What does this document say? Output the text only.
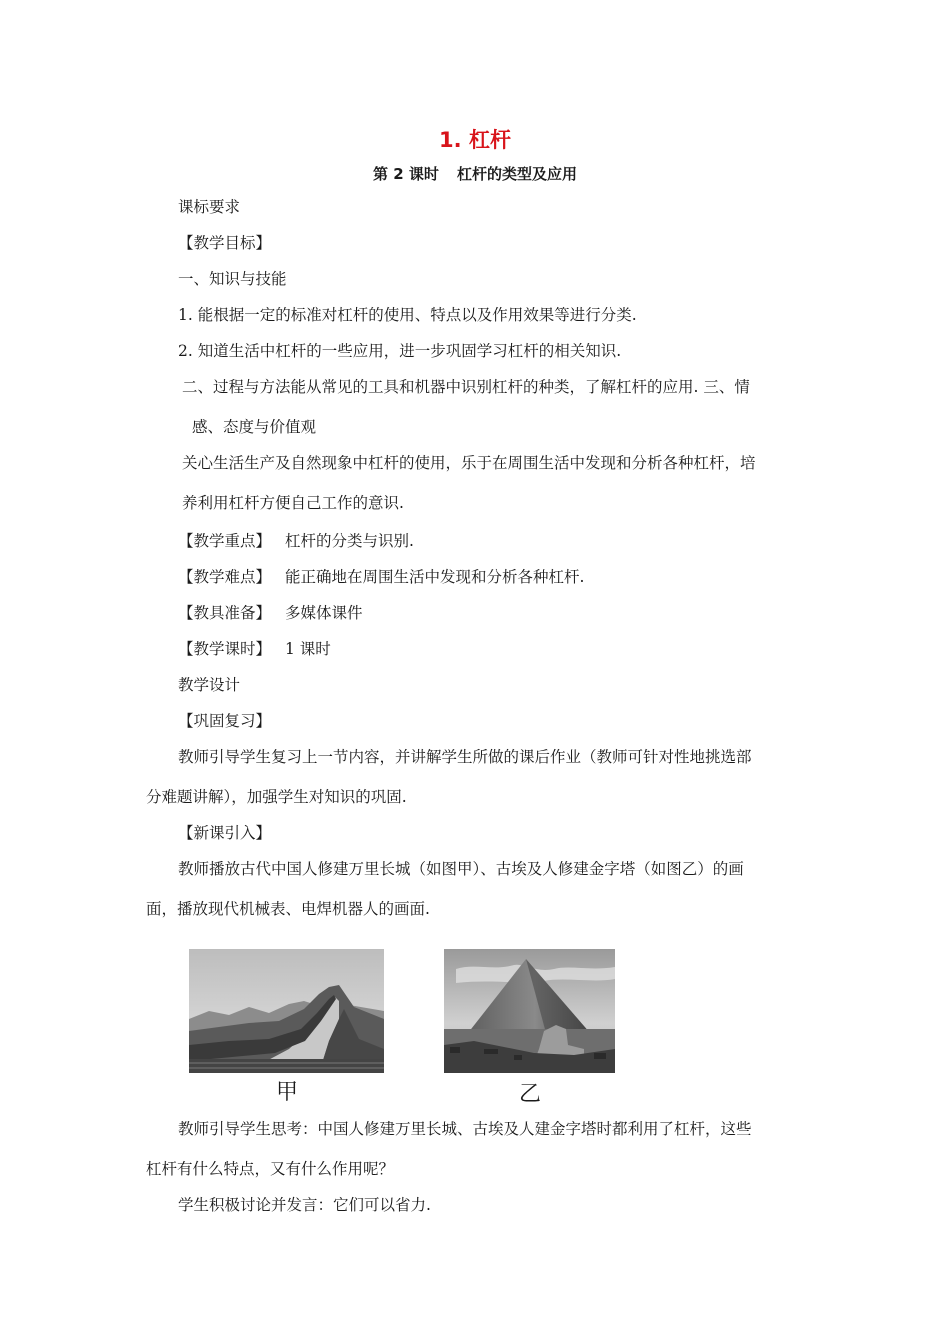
1. 杠杆
第 2 课时 杠杆的类型及应用
课标要求
【教学目标】
一、知识与技能
1. 能根据一定的标准对杠杆的使用、特点以及作用效果等进行分类.
2. 知道生活中杠杆的一些应用，进一步巩固学习杠杆的相关知识.
二、过程与方法能从常见的工具和机器中识别杠杆的种类，了解杠杆的应用. 三、情
感、态度与价值观
关心生活生产及自然现象中杠杆的使用，乐于在周围生活中发现和分析各种杠杆，培
养利用杠杆方便自己工作的意识.
【教学重点】 杠杆的分类与识别.
【教学难点】 能正确地在周围生活中发现和分析各种杠杆.
【教具准备】 多媒体课件
【教学课时】 1 课时
教学设计
【巩固复习】
教师引导学生复习上一节内容，并讲解学生所做的课后作业（教师可针对性地挑选部
分难题讲解），加强学生对知识的巩固.
【新课引入】
教师播放古代中国人修建万里长城（如图甲）、古埃及人修建金字塔（如图乙）的画
面，播放现代机械表、电焊机器人的画面.
甲	乙
教师引导学生思考：中国人修建万里长城、古埃及人建金字塔时都利用了杠杆，这些
杠杆有什么特点，又有什么作用呢？
学生积极讨论并发言：它们可以省力.
